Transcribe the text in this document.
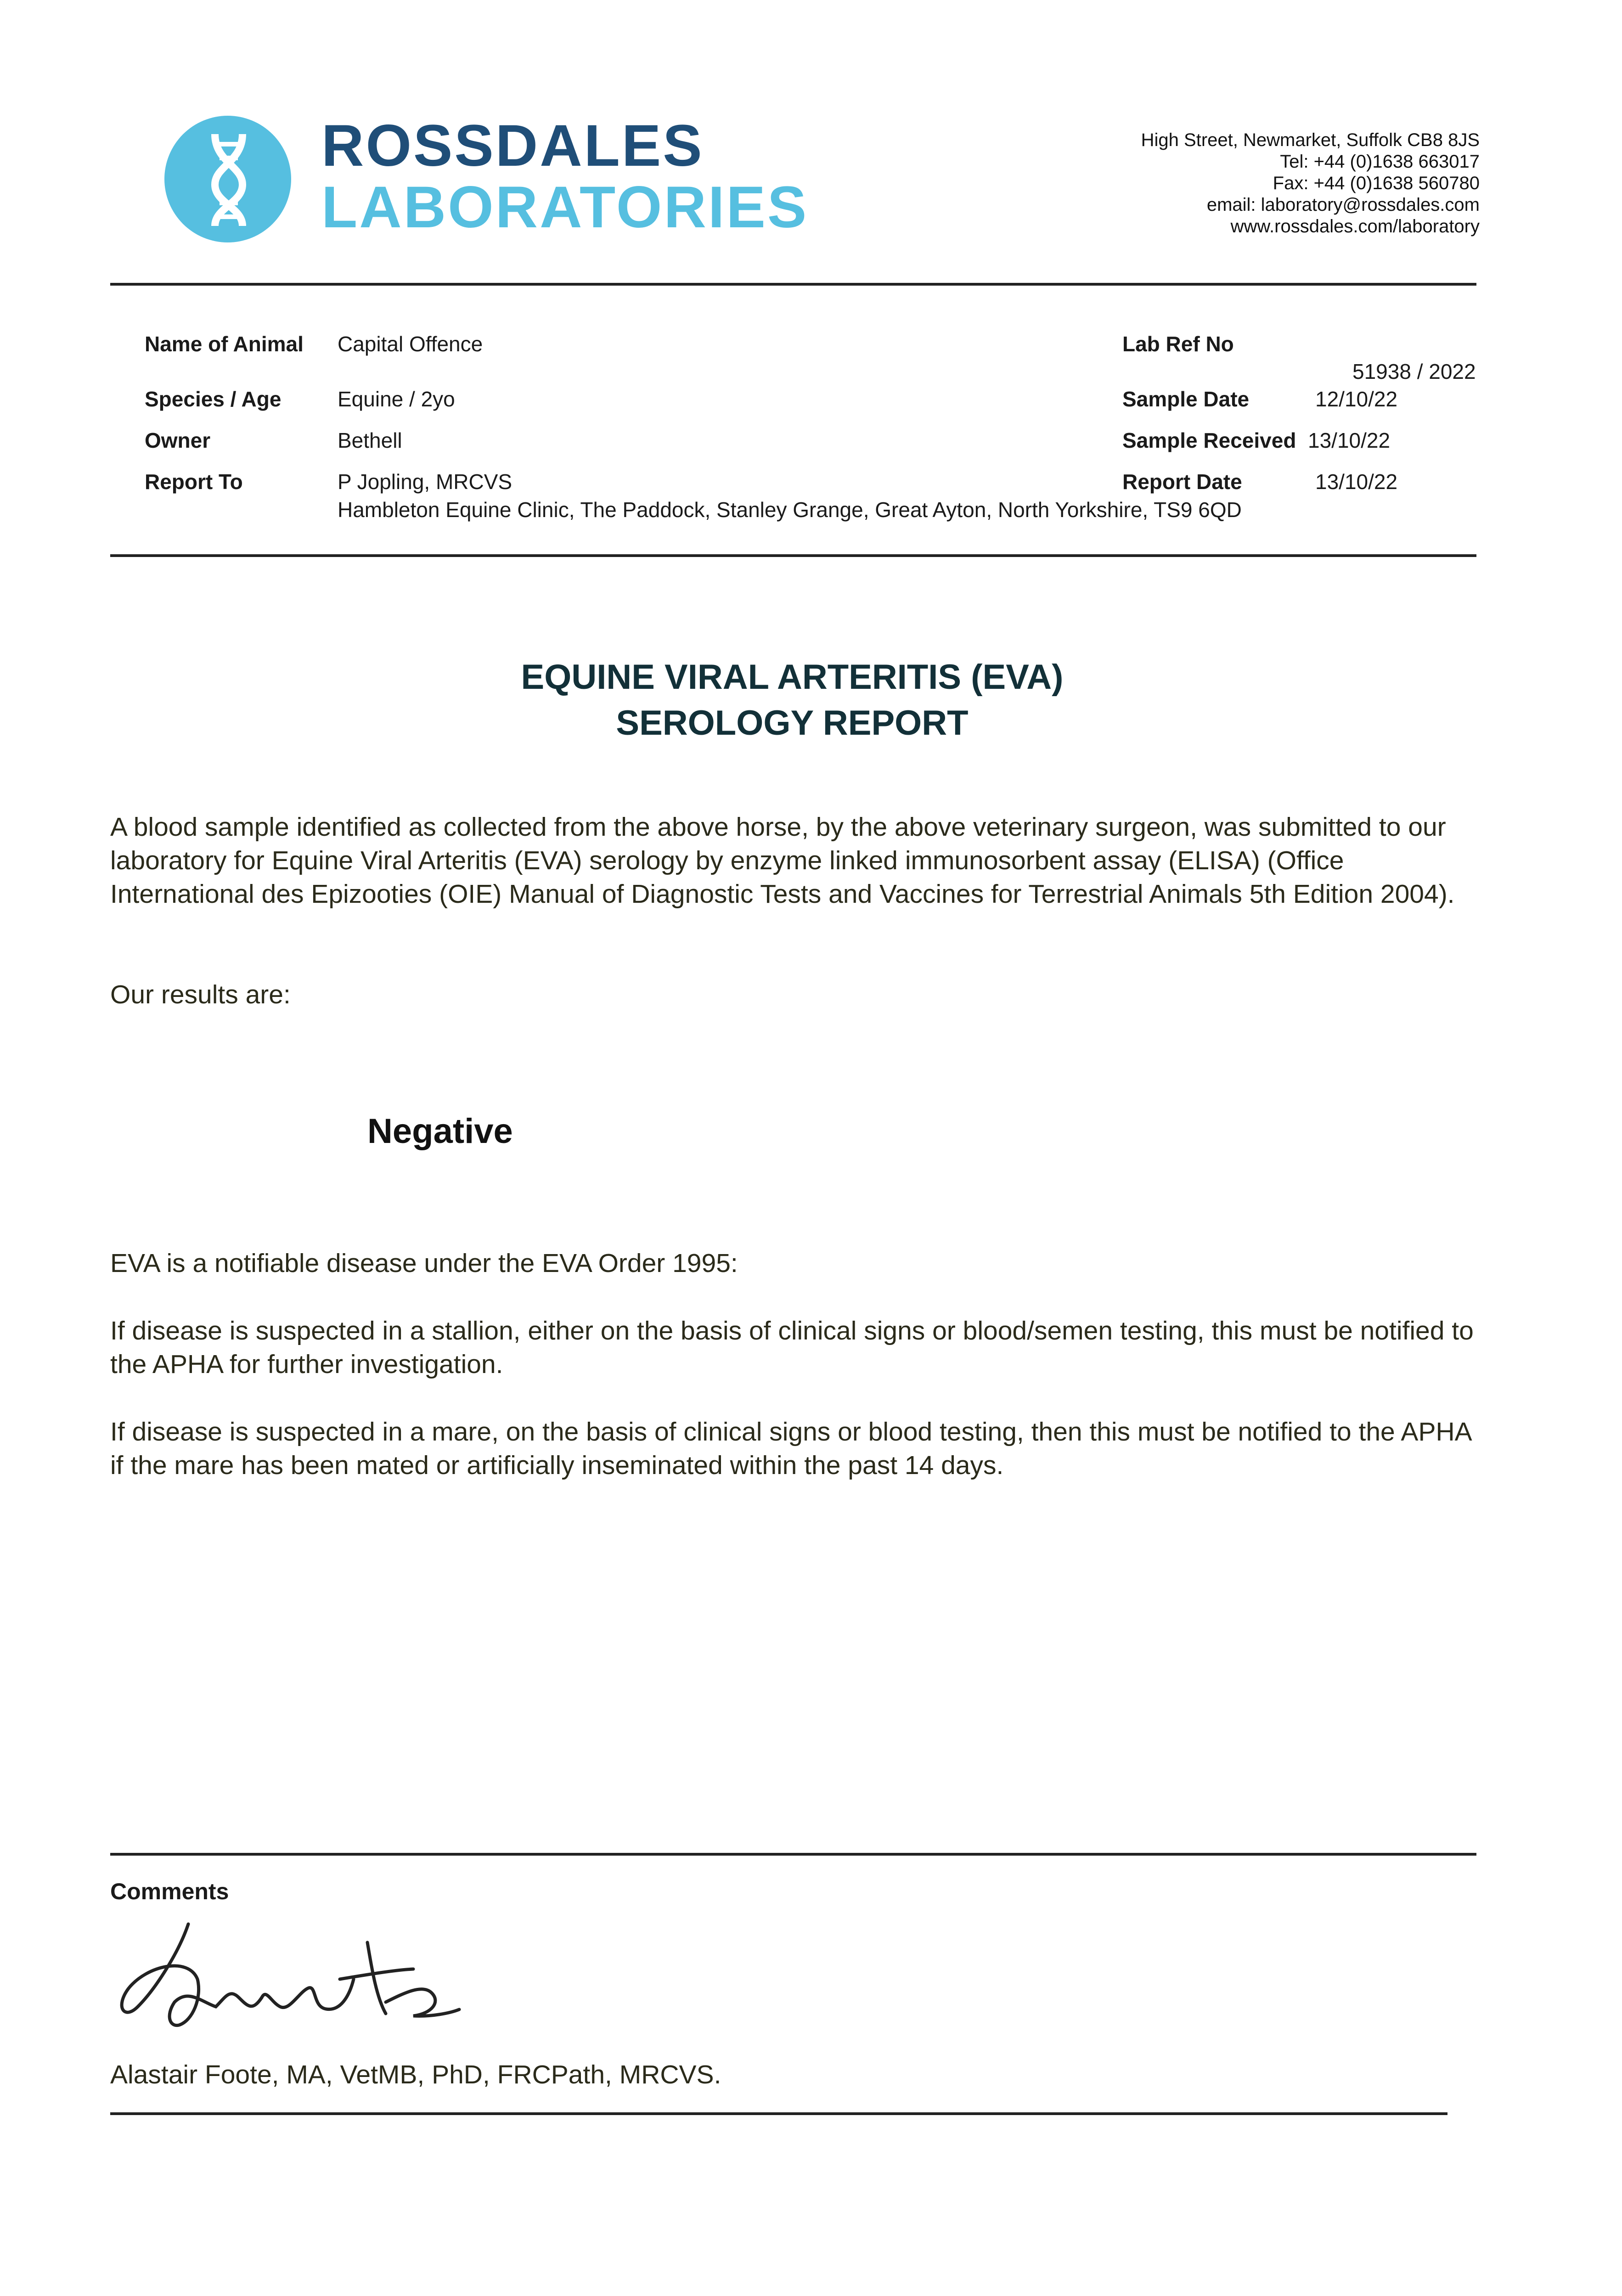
ROSSDALES
LABORATORIES
High Street, Newmarket, Suffolk CB8 8JS
Tel: +44 (0)1638 663017
Fax: +44 (0)1638 560780
email: laboratory@rossdales.com
www.rossdales.com/laboratory
Name of Animal Capital Offence
Species / Age	Equine / 2yo
Owner	Bethell
Report To	P Jopling, MRCVS
Hambleton Equine Clinic, The Paddock, Stanley Grange, Great Ayton, North Yorkshire, TS9 6QD
Lab Ref No
51938 / 2022
Sample Date	12/10/22
Sample Received 13/10/22
Report Date	13/10/22
EQUINE VIRAL ARTERITIS (EVA)
SEROLOGY REPORT
A blood sample identified as collected from the above horse, by the above veterinary surgeon, was submitted to our laboratory for Equine Viral Arteritis (EVA) serology by enzyme linked immunosorbent assay (ELISA) (Office International des Epizooties (OIE) Manual of Diagnostic Tests and Vaccines for Terrestrial Animals 5th Edition 2004).
Our results are:
Negative
EVA is a notifiable disease under the EVA Order 1995:
If disease is suspected in a stallion, either on the basis of clinical signs or blood/semen testing, this must be notified to the APHA for further investigation.
If disease is suspected in a mare, on the basis of clinical signs or blood testing, then this must be notified to the APHA if the mare has been mated or artificially inseminated within the past 14 days.
Comments
Alastair Foote, MA, VetMB, PhD, FRCPath, MRCVS.
